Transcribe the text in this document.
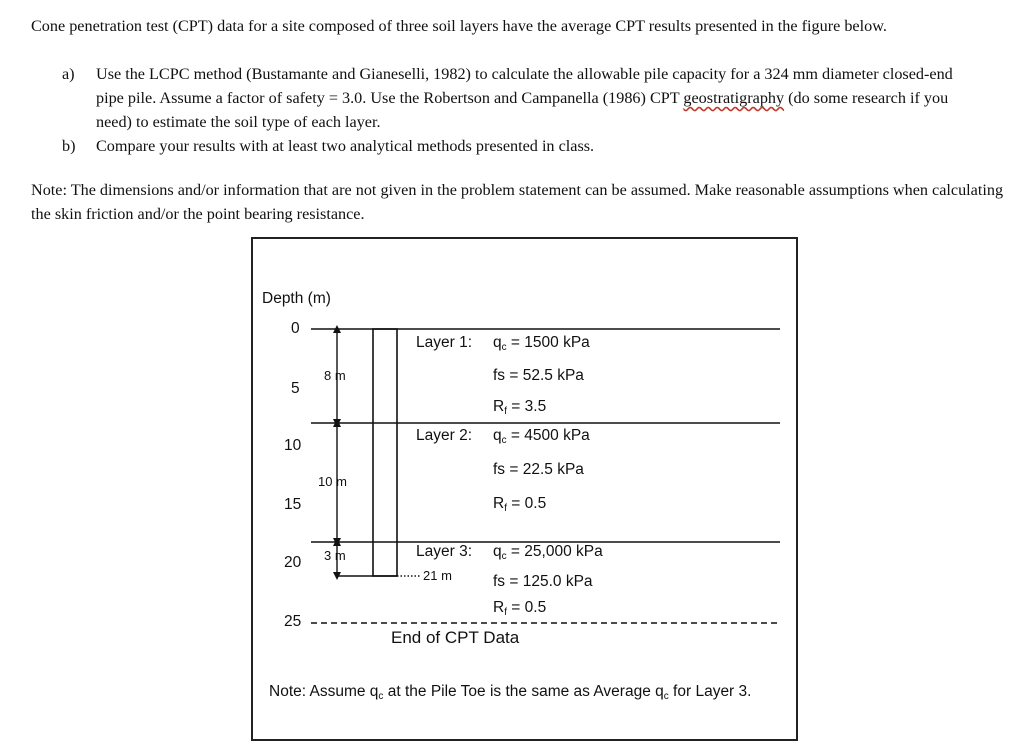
Cone penetration test (CPT) data for a site composed of three soil layers have the average CPT results presented in the figure below.
a) Use the LCPC method (Bustamante and Gianeselli, 1982) to calculate the allowable pile capacity for a 324 mm diameter closed-end pipe pile. Assume a factor of safety = 3.0. Use the Robertson and Campanella (1986) CPT geostratigraphy (do some research if you need) to estimate the soil type of each layer.
b) Compare your results with at least two analytical methods presented in class.
Note: The dimensions and/or information that are not given in the problem statement can be assumed. Make reasonable assumptions when calculating the skin friction and/or the point bearing resistance.
Depth (m)
0
5
10
15
20
25
8 m
10 m
3 m
21 m
Layer 1: $q_c = 1500$ kPa
fs = 52.5 kPa
$R_f = 3.5$
Layer 2: $q_c = 4500$ kPa
fs = 22.5 kPa
$R_f = 0.5$
Layer 3: $q_c = 25,000$ kPa
fs = 125.0 kPa
$R_f = 0.5$
End of CPT Data
Note: Assume $q_c$ at the Pile Toe is the same as Average $q_c$ for Layer 3.
